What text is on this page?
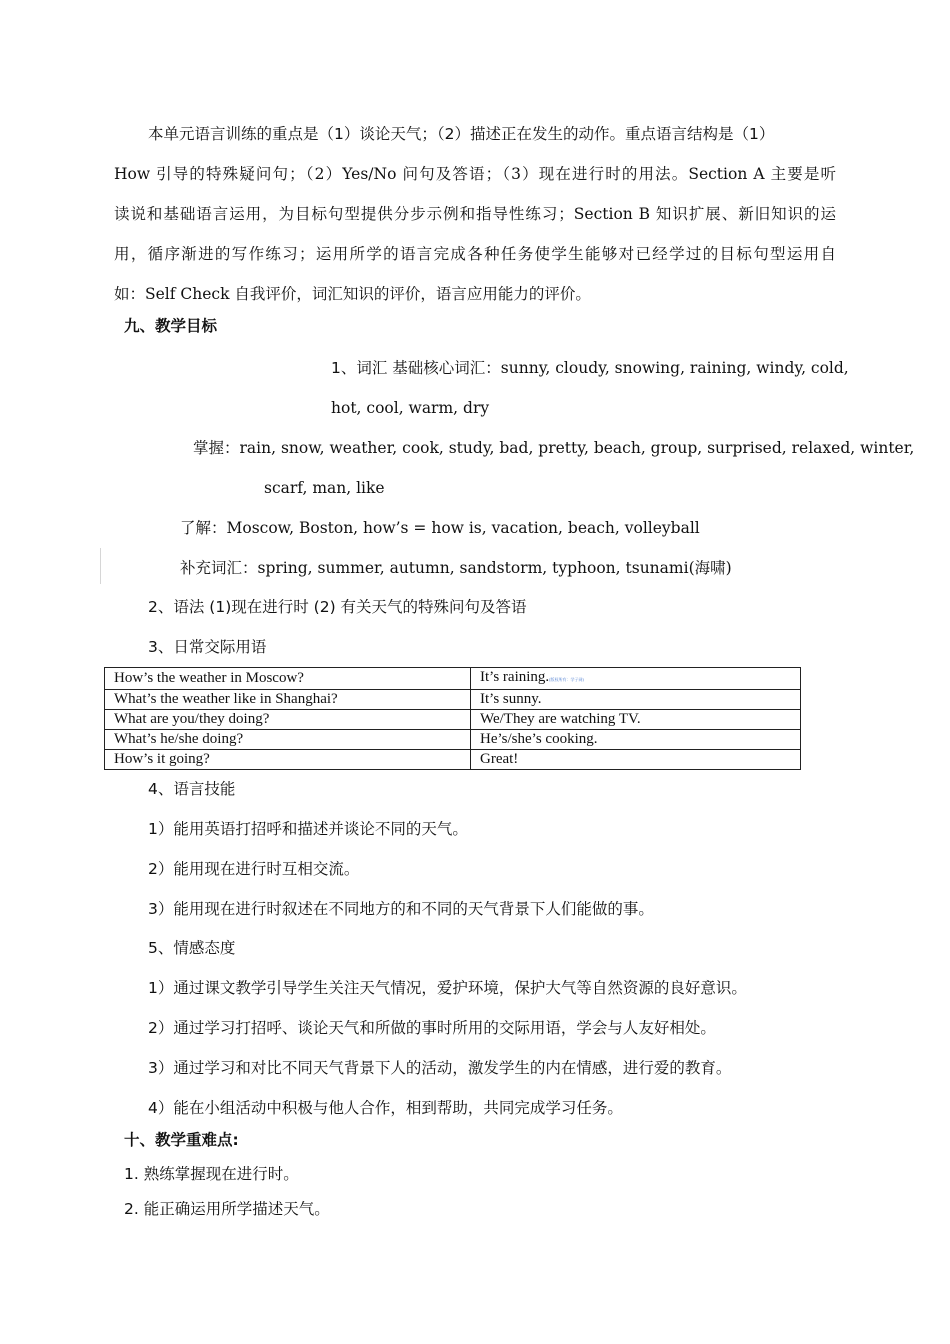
本单元语言训练的重点是（1）谈论天气；（2）描述正在发生的动作。重点语言结构是（1）
How 引导的特殊疑问句；（2）Yes/No 问句及答语；（3）现在进行时的用法。Section A 主要是听
读说和基础语言运用，为目标句型提供分步示例和指导性练习；Section B 知识扩展、新旧知识的运
用，循序渐进的写作练习；运用所学的语言完成各种任务使学生能够对已经学过的目标句型运用自
如：Self Check 自我评价，词汇知识的评价，语言应用能力的评价。
九、教学目标
1、词汇 基础核心词汇：sunny, cloudy, snowing, raining, windy, cold,
hot, cool, warm, dry
掌握：rain, snow, weather, cook, study, bad, pretty, beach, group, surprised, relaxed, winter,
scarf, man, like
了解：Moscow, Boston, how’s = how is, vacation, beach, volleyball
补充词汇：spring, summer, autumn, sandstorm, typhoon, tsunami(海啸)
2、语法 (1)现在进行时 (2) 有关天气的特殊问句及答语
3、日常交际用语
How’s the weather in Moscow?	It’s raining.(版权所有：学子网)
What’s the weather like in Shanghai?	It’s sunny.
What are you/they doing?	We/They are watching TV.
What’s he/she doing?	He’s/she’s cooking.
How’s it going?	Great!
4、语言技能
1）能用英语打招呼和描述并谈论不同的天气。
2）能用现在进行时互相交流。
3）能用现在进行时叙述在不同地方的和不同的天气背景下人们能做的事。
5、情感态度
1）通过课文教学引导学生关注天气情况，爱护环境，保护大气等自然资源的良好意识。
2）通过学习打招呼、谈论天气和所做的事时所用的交际用语，学会与人友好相处。
3）通过学习和对比不同天气背景下人的活动，激发学生的内在情感，进行爱的教育。
4）能在小组活动中积极与他人合作，相到帮助，共同完成学习任务。
十、教学重难点:
1. 熟练掌握现在进行时。
2. 能正确运用所学描述天气。
